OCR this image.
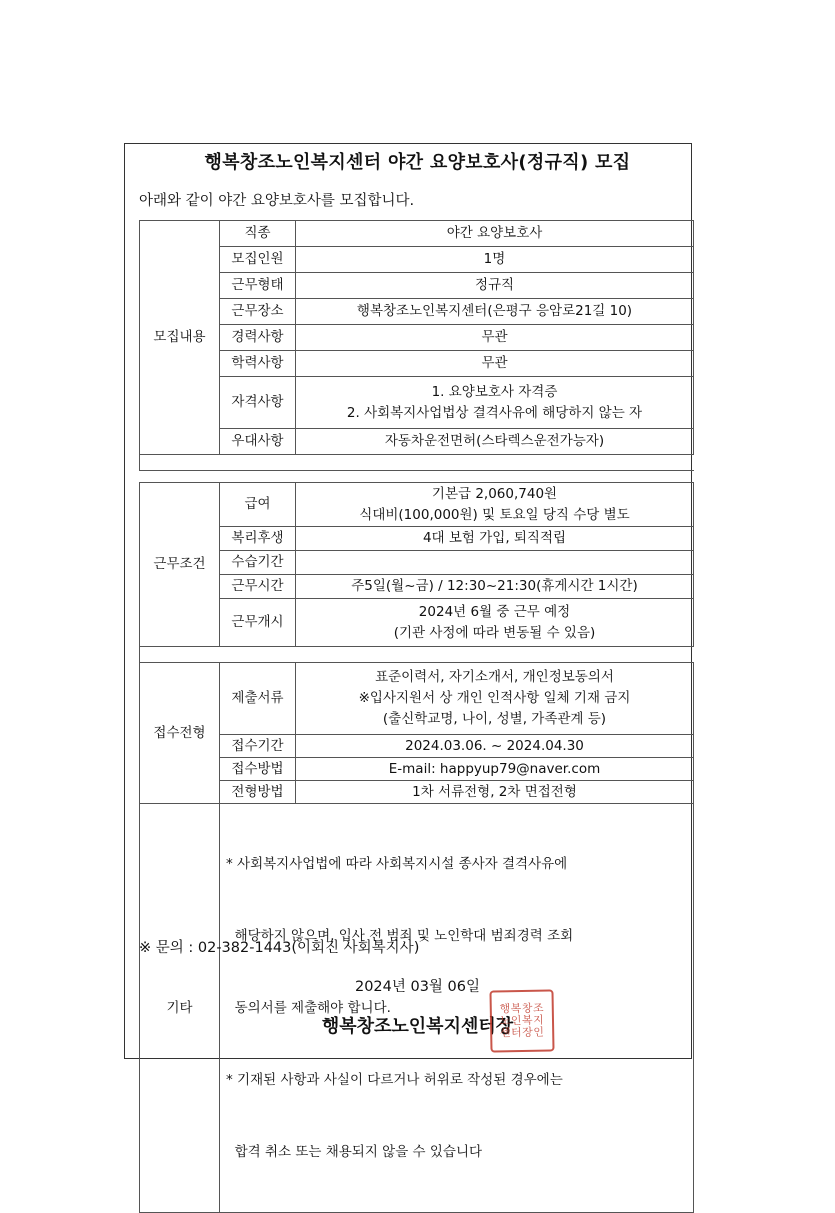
행복창조노인복지센터 야간 요양보호사(정규직) 모집
아래와 같이 야간 요양보호사를 모집합니다.
모집내용	직종	야간 요양보호사
	모집인원	1명
	근무형태	정규직
	근무장소	행복창조노인복지센터(은평구 응암로21길 10)
	경력사항	무관
	학력사항	무관
	자격사항	1. 요양보호사 자격증
2. 사회복지사업법상 결격사유에 해당하지 않는 자

	우대사항	자동차운전면허(스타렉스운전가능자)

근무조건	급여	기본급 2,060,740원
식대비(100,000원) 및 토요일 당직 수당 별도

	복리후생	4대 보험 가입, 퇴직적립
	수습기간	
	근무시간	주5일(월~금) / 12:30~21:30(휴게시간 1시간)
	근무개시	2024년 6월 중 근무 예정
(기관 사정에 따라 변동될 수 있음)

접수전형	제출서류	표준이력서, 자기소개서, 개인정보동의서
※입사지원서 상 개인 인적사항 일체 기재 금지
(출신학교명, 나이, 성별, 가족관계 등)

	접수기간	2024.03.06. ~ 2024.04.30
	접수방법	E-mail: happyup79@naver.com
	전형방법	1차 서류전형, 2차 면접전형
기타	* 사회복지사업법에 따라 사회복지시설 종사자 결격사유에

해당하지 않으며, 입사 전 범죄 및 노인학대 범죄경력 조회

동의서를 제출해야 합니다.

* 기재된 사항과 사실이 다르거나 허위로 작성된 경우에는

합격 취소 또는 채용되지 않을 수 있습니다	

※ 문의 : 02-382-1443(이회진 사회복지사)
2024년 03월 06일
행복창조노인복지센터장
행복창조
노인복지
센터장인
